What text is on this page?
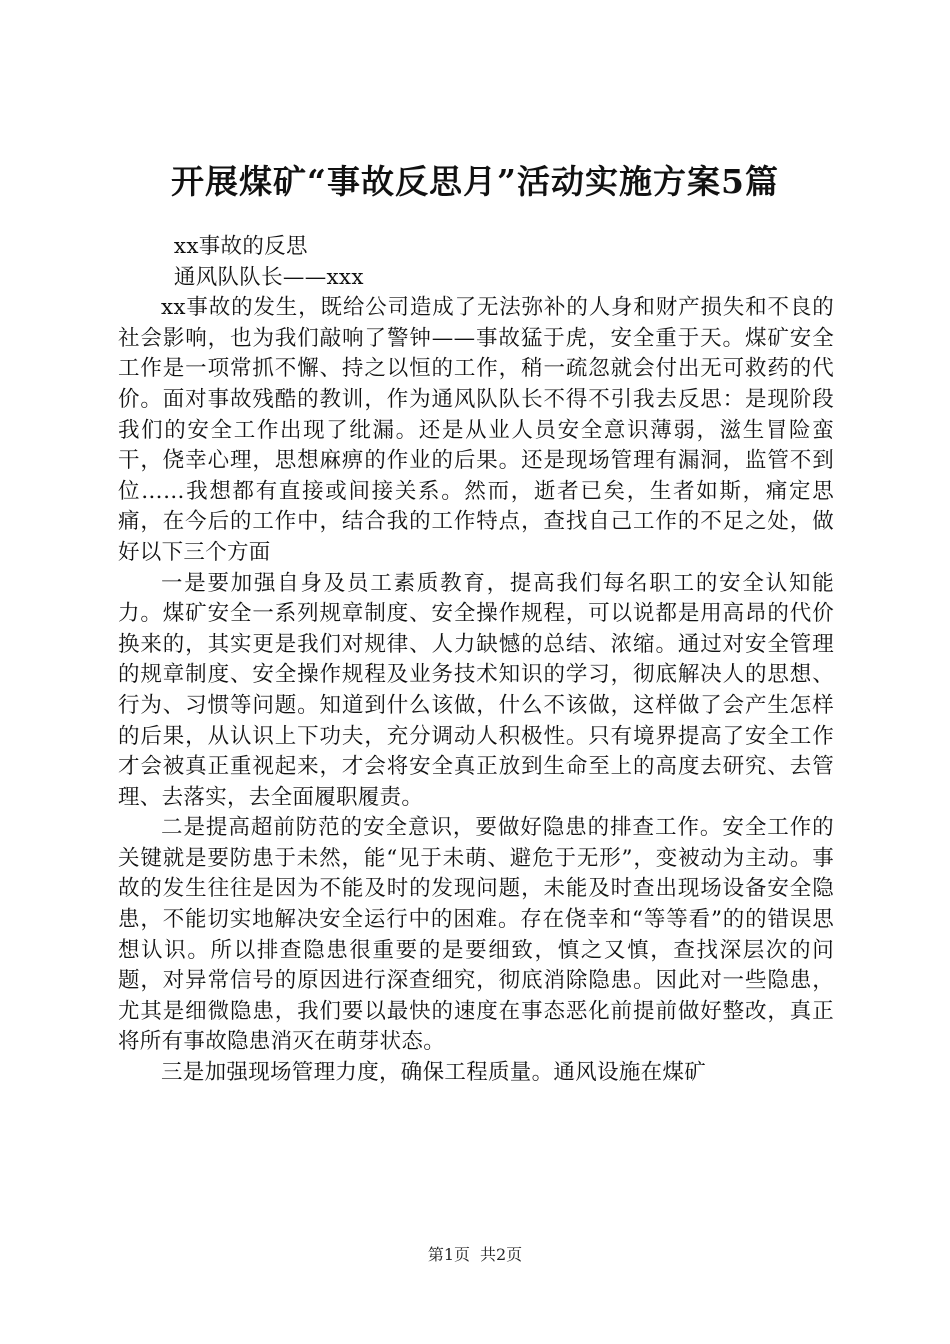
开展煤矿“事故反思月”活动实施方案5篇

xx事故的反思

通风队队长——xxx

xx事故的发生，既给公司造成了无法弥补的人身和财产损失和不良的社会影响，也为我们敲响了警钟——事故猛于虎，安全重于天。煤矿安全工作是一项常抓不懈、持之以恒的工作，稍一疏忽就会付出无可救药的代价。面对事故残酷的教训，作为通风队队长不得不引我去反思：是现阶段我们的安全工作出现了纰漏。还是从业人员安全意识薄弱，滋生冒险蛮干，侥幸心理，思想麻痹的作业的后果。还是现场管理有漏洞，监管不到位……我想都有直接或间接关系。然而，逝者已矣，生者如斯，痛定思痛，在今后的工作中，结合我的工作特点，查找自己工作的不足之处，做好以下三个方面

一是要加强自身及员工素质教育，提高我们每名职工的安全认知能力。煤矿安全一系列规章制度、安全操作规程，可以说都是用高昂的代价换来的，其实更是我们对规律、人力缺憾的总结、浓缩。通过对安全管理的规章制度、安全操作规程及业务技术知识的学习，彻底解决人的思想、行为、习惯等问题。知道到什么该做，什么不该做，这样做了会产生怎样的后果，从认识上下功夫，充分调动人积极性。只有境界提高了安全工作才会被真正重视起来，才会将安全真正放到生命至上的高度去研究、去管理、去落实，去全面履职履责。

二是提高超前防范的安全意识，要做好隐患的排查工作。安全工作的关键就是要防患于未然，能“见于未萌、避危于无形”，变被动为主动。事故的发生往往是因为不能及时的发现问题，未能及时查出现场设备安全隐患，不能切实地解决安全运行中的困难。存在侥幸和“等等看”的的错误思想认识。所以排查隐患很重要的是要细致，慎之又慎，查找深层次的问题，对异常信号的原因进行深查细究，彻底消除隐患。因此对一些隐患，尤其是细微隐患，我们要以最快的速度在事态恶化前提前做好整改，真正将所有事故隐患消灭在萌芽状态。

三是加强现场管理力度，确保工程质量。通风设施在煤矿

第1页 共2页
